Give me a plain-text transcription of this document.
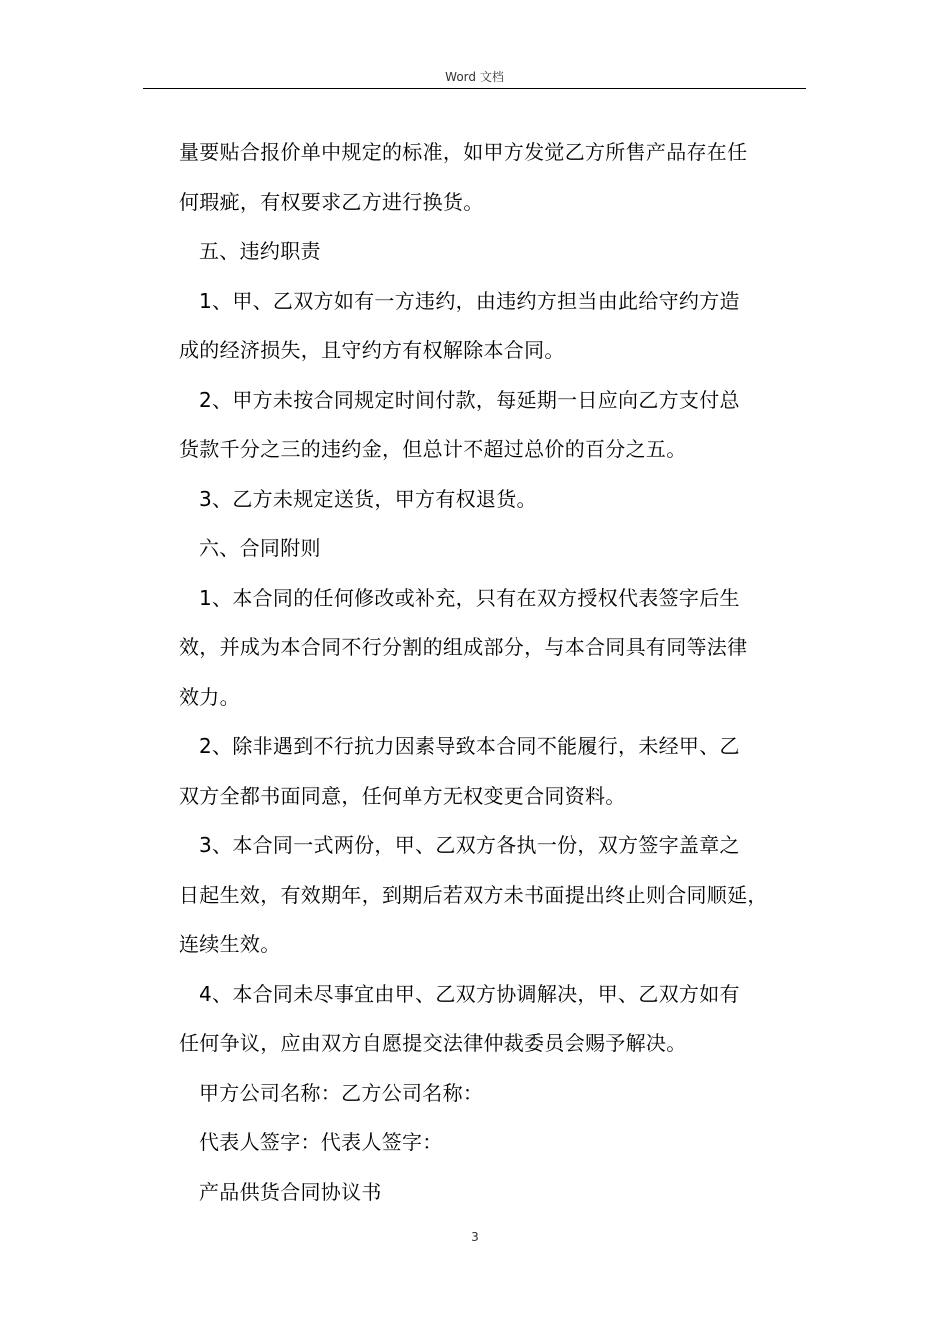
Word 文档
量要贴合报价单中规定的标准，如甲方发觉乙方所售产品存在任
何瑕疵，有权要求乙方进行换货。
五、违约职责
1、甲、乙双方如有一方违约，由违约方担当由此给守约方造
成的经济损失，且守约方有权解除本合同。
2、甲方未按合同规定时间付款，每延期一日应向乙方支付总
货款千分之三的违约金，但总计不超过总价的百分之五。
3、乙方未规定送货，甲方有权退货。
六、合同附则
1、本合同的任何修改或补充，只有在双方授权代表签字后生
效，并成为本合同不行分割的组成部分，与本合同具有同等法律
效力。
2、除非遇到不行抗力因素导致本合同不能履行，未经甲、乙
双方全都书面同意，任何单方无权变更合同资料。
3、本合同一式两份，甲、乙双方各执一份，双方签字盖章之
日起生效，有效期年，到期后若双方未书面提出终止则合同顺延，
连续生效。
4、本合同未尽事宜由甲、乙双方协调解决，甲、乙双方如有
任何争议，应由双方自愿提交法律仲裁委员会赐予解决。
甲方公司名称：乙方公司名称：
代表人签字：代表人签字：
产品供货合同协议书
3
